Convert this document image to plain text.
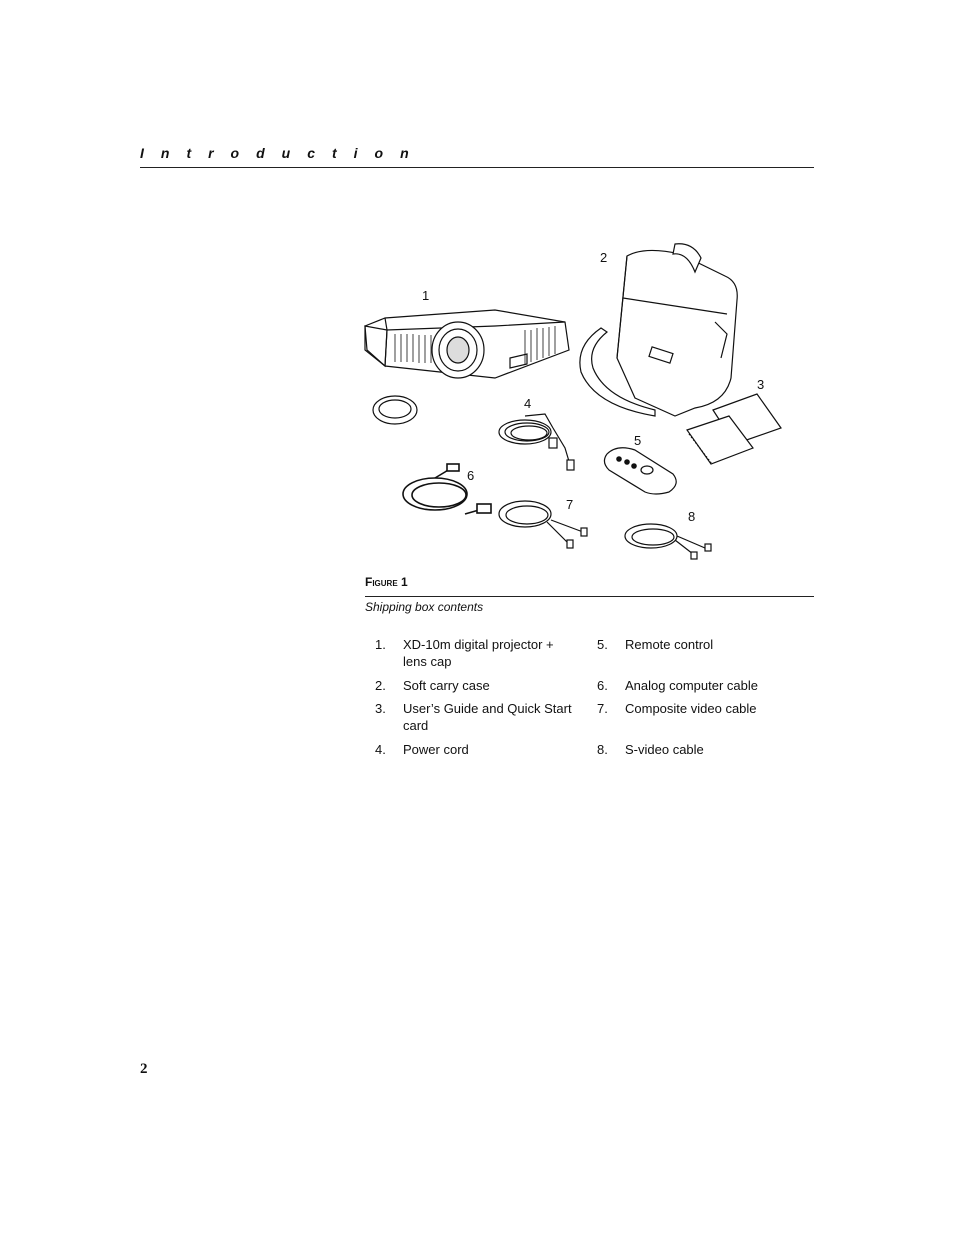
Introduction
1
2
3
4
5
6
7
8
Figure 1
Shipping box contents
1.	XD-10m digital projector + lens cap
2.	Soft carry case
3.	User’s Guide and Quick Start card
4.	Power cord
5.	Remote control
6.	Analog computer cable
7.	Composite video cable
8.	S-video cable
2
